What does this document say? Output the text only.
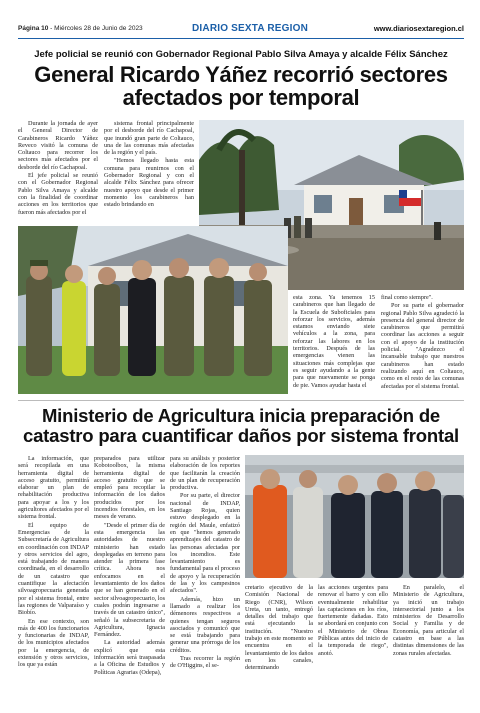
Página 10 - Miércoles 28 de Junio de 2023	DIARIO SEXTA REGION	www.diariosextaregion.cl
Jefe policial se reunió con Gobernador Regional Pablo Silva Amaya y alcalde Félix Sánchez
General Ricardo Yáñez recorrió sectores afectados por temporal

Durante la jornada de ayer el General Director de Carabineros Ricardo Yáñez Reveco visitó la comuna de Coltauco para recorrer los sectores más afectados por el desborde del río Cachapoal.

El jefe policial se reunió con el Gobernador Regional Pablo Silva Amaya y alcalde con la finalidad de coordinar acciones en los territorios que fueron más afectados por el

sistema frontal principalmente por el desborde del río Cachapoal, que inundó gran parte de Coltauco, una de las comunas más afectadas de la región y el país.

"Hemos llegado hasta esta comuna para reunirnos con el Gobernador Regional y con el alcalde Félix Sánchez para ofrecer nuestro apoyo que desde el primer momento los carabineros han estado brindando en

esta zona. Ya tenemos 15 carabineros que han llegado de la Escuela de Suboficiales para reforzar los servicios, además estamos enviando siete vehículos a la zona, para reforzar las labores en los territorios. Después de las emergencias vienen las situaciones más complejas que es seguir ayudando a la gente para que nuevamente se ponga de pie. Vamos ayudar hasta el

final como siempre".

Por su parte el gobernador regional Pablo Silva agradeció la presencia del general director de carabineros que permitirá coordinar las acciones a seguir con el apoyo de la institución policial. "Agradezco el incansable trabajo que nuestros carabineros han estado realizando aquí en Coltauco, como en el resto de las comunas afectadas por el sistema frontal.

Ministerio de Agricultura inicia preparación de catastro para cuantificar daños por sistema frontal

La información, que será recopilada en una herramienta digital de acceso gratuito, permitirá elaborar un plan de rehabilitación productiva para apoyar a los y los agricultores afectados por el sistema frontal.

El equipo de Emergencias de la Subsecretaría de Agricultura en coordinación con INDAP y otros servicios del agro, está trabajando de manera coordinada, en el desarrollo de un catastro que cuantifique la afectación silvoagropecuaria generada por el sistema frontal, entre las regiones de Valparaíso y Biobío.

En ese contexto, son más de 400 los funcionarios y funcionarias de INDAP, de los municipios afectados por la emergencia, de extensión y otros servicios, los que ya están

preparados para utilizar Kobotoolbox, la misma herramienta digital de acceso gratuito que se empleó para recopilar la información de los daños producidos por los incendios forestales, en los meses de verano.

"Desde el primer día de esta emergencia las autoridades de nuestro ministerio han estado desplegadas en terreno para atender la primera fase crítica. Ahora nos enfocamos en el levantamiento de los daños que se han generado en el sector silvoagropecuario, los cuales podrán ingresarse a través de un catastro único", señaló la subsecretaria de Agricultura, Ignacia Fernández.

La autoridad además explicó que esta información será traspasada a la Oficina de Estudios y Políticas Agrarias (Odepa),

para su análisis y posterior elaboración de los reportes que facilitarán la creación de un plan de recuperación productiva.

Por su parte, el director nacional de INDAP, Santiago Rojas, quien estuvo desplegado en la región del Maule, enfatizó en que "hemos generado aprendizajes del catastro de las personas afectadas por los incendios. Este levantamiento es fundamental para el proceso de apoyo y la recuperación de las y los campesinos afectados".

Además, hizo un llamado a realizar los démenores respectivos a quienes tengan seguros asociados y comunicó que se está trabajando para generar una prórroga de los créditos.

Tras recorrer la región de O'Higgins, el se-

cretario ejecutivo de la Comisión Nacional de Riego (CNR), Wilson Ureta, un tanto, entregó detalles del trabajo que está ejecutando la institución. "Nuestro trabajo en este momento se encuentra en el levantamiento de los daños en los canales, determinando

las acciones urgentes para renovar el barro y con ello eventualmente rehabilitar las captaciones en los ríos, fuertemente dañadas. Esto se abordará en conjunto con el Ministerio de Obras Públicas antes del inicio de la temporada de riego", anotó.

En paralelo, el Ministerio de Agricultura, ya inició un trabajo intersectorial junto a los ministerios de Desarrollo Social y Familia y de Economía, para articular el catastro en base a las distintas dimensiones de las zonas rurales afectadas.
